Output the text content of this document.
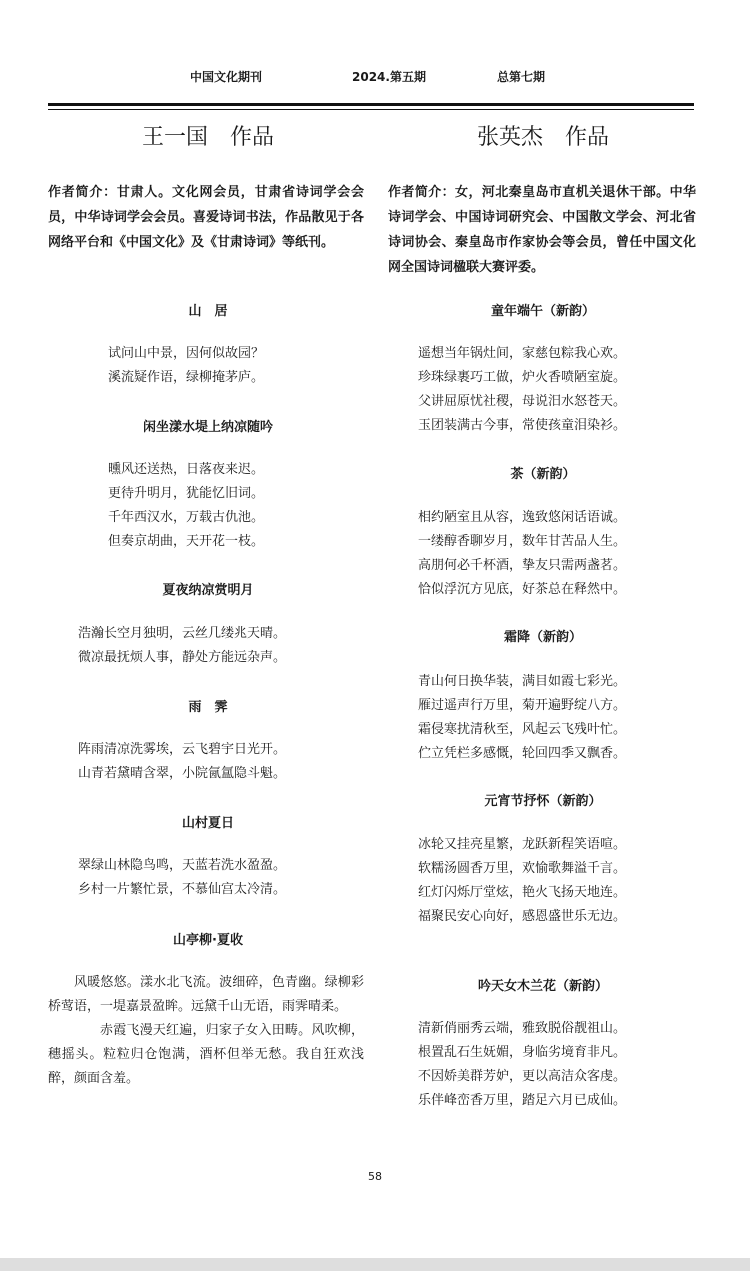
中国文化期刊	2024.第五期	总第七期
王一国　作品
作者简介：甘肃人。文化网会员，甘肃省诗词学会会员，中华诗词学会会员。喜爱诗词书法，作品散见于各网络平台和《中国文化》及《甘肃诗词》等纸刊。
山　居
试问山中景，因何似故园？
溪流疑作语，绿柳掩茅庐。
闲坐漾水堤上纳凉随吟
曛风还送热，日落夜来迟。
更待升明月，犹能忆旧词。
千年西汉水，万载古仇池。
但奏京胡曲，天开花一枝。
夏夜纳凉赏明月
浩瀚长空月独明，云丝几缕兆天晴。
微凉最抚烦人事，静处方能远杂声。
雨　霁
阵雨清凉洗雾埃，云飞碧宇日光开。
山青若黛晴含翠，小院氤氲隐斗魁。
山村夏日
翠绿山林隐鸟鸣，天蓝若洗水盈盈。
乡村一片繁忙景，不慕仙宫太冷清。
山亭柳·夏收

风暖悠悠。漾水北飞流。波细碎，色青幽。绿柳彩桥莺语，一堤嘉景盈眸。远黛千山无语，雨霁晴柔。

赤霞飞漫天红遍，归家子女入田畴。风吹柳，穗摇头。粒粒归仓饱满，酒杯但举无愁。我自狂欢浅醉，颜面含羞。

张英杰　作品
作者简介：女，河北秦皇岛市直机关退休干部。中华诗词学会、中国诗词研究会、中国散文学会、河北省诗词协会、秦皇岛市作家协会等会员，曾任中国文化网全国诗词楹联大赛评委。
童年端午（新韵）
遥想当年锅灶间，家慈包粽我心欢。
珍珠绿裹巧工做，炉火香喷陋室旋。
父讲屈原忧社稷，母说汨水怒苍天。
玉团装满古今事，常使孩童泪染衫。
茶（新韵）
相约陋室且从容，逸致悠闲话语诚。
一缕醇香聊岁月，数年甘苦品人生。
高朋何必千杯酒，挚友只需两盏茗。
恰似浮沉方见底，好茶总在释然中。
霜降（新韵）
青山何日换华装，满目如霞七彩光。
雁过遥声行万里，菊开遍野绽八方。
霜侵寒扰清秋至，风起云飞残叶忙。
伫立凭栏多感慨，轮回四季又飘香。
元宵节抒怀（新韵）
冰轮又挂亮星繁，龙跃新程笑语喧。
软糯汤圆香万里，欢愉歌舞溢千言。
红灯闪烁厅堂炫，艳火飞扬天地连。
福聚民安心向好，感恩盛世乐无边。
吟天女木兰花（新韵）
清新俏丽秀云端，雅致脱俗靓祖山。
根置乱石生妩媚，身临劣境育非凡。
不因娇美群芳妒，更以高洁众客虔。
乐伴峰峦香万里，踏足六月已成仙。
58
